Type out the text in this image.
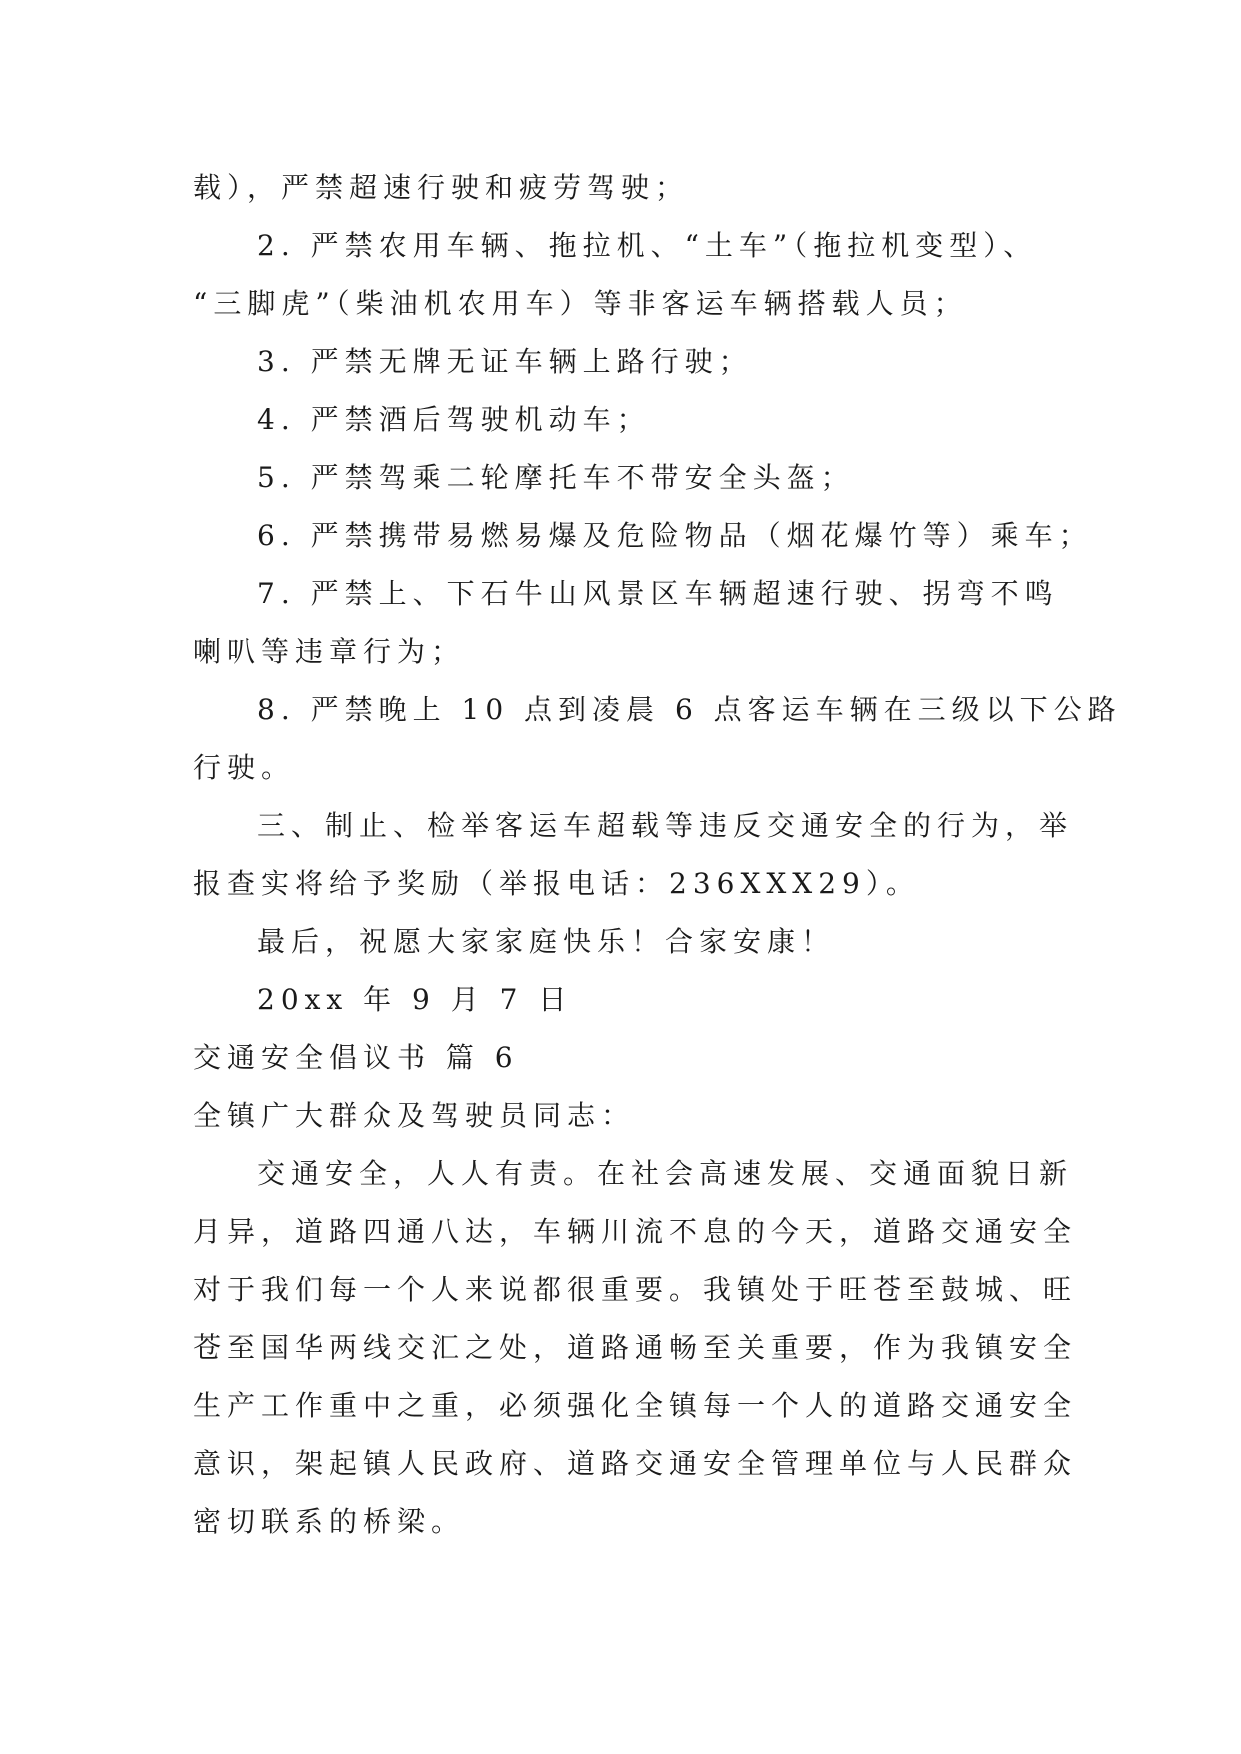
载），严禁超速行驶和疲劳驾驶；
2. 严禁农用车辆、拖拉机、“土车”（拖拉机变型）、
“三脚虎”（柴油机农用车）等非客运车辆搭载人员；
3. 严禁无牌无证车辆上路行驶；
4. 严禁酒后驾驶机动车；
5. 严禁驾乘二轮摩托车不带安全头盔；
6. 严禁携带易燃易爆及危险物品（烟花爆竹等）乘车；
7. 严禁上、下石牛山风景区车辆超速行驶、拐弯不鸣
喇叭等违章行为；
8. 严禁晚上 10 点到凌晨 6 点客运车辆在三级以下公路
行驶。
三、制止、检举客运车超载等违反交通安全的行为，举
报查实将给予奖励（举报电话：236XXX29）。
最后，祝愿大家家庭快乐！合家安康！
20xx 年 9 月 7 日
交通安全倡议书 篇 6
全镇广大群众及驾驶员同志：
交通安全，人人有责。在社会高速发展、交通面貌日新
月异，道路四通八达，车辆川流不息的今天，道路交通安全
对于我们每一个人来说都很重要。我镇处于旺苍至鼓城、旺
苍至国华两线交汇之处，道路通畅至关重要，作为我镇安全
生产工作重中之重，必须强化全镇每一个人的道路交通安全
意识，架起镇人民政府、道路交通安全管理单位与人民群众
密切联系的桥梁。
